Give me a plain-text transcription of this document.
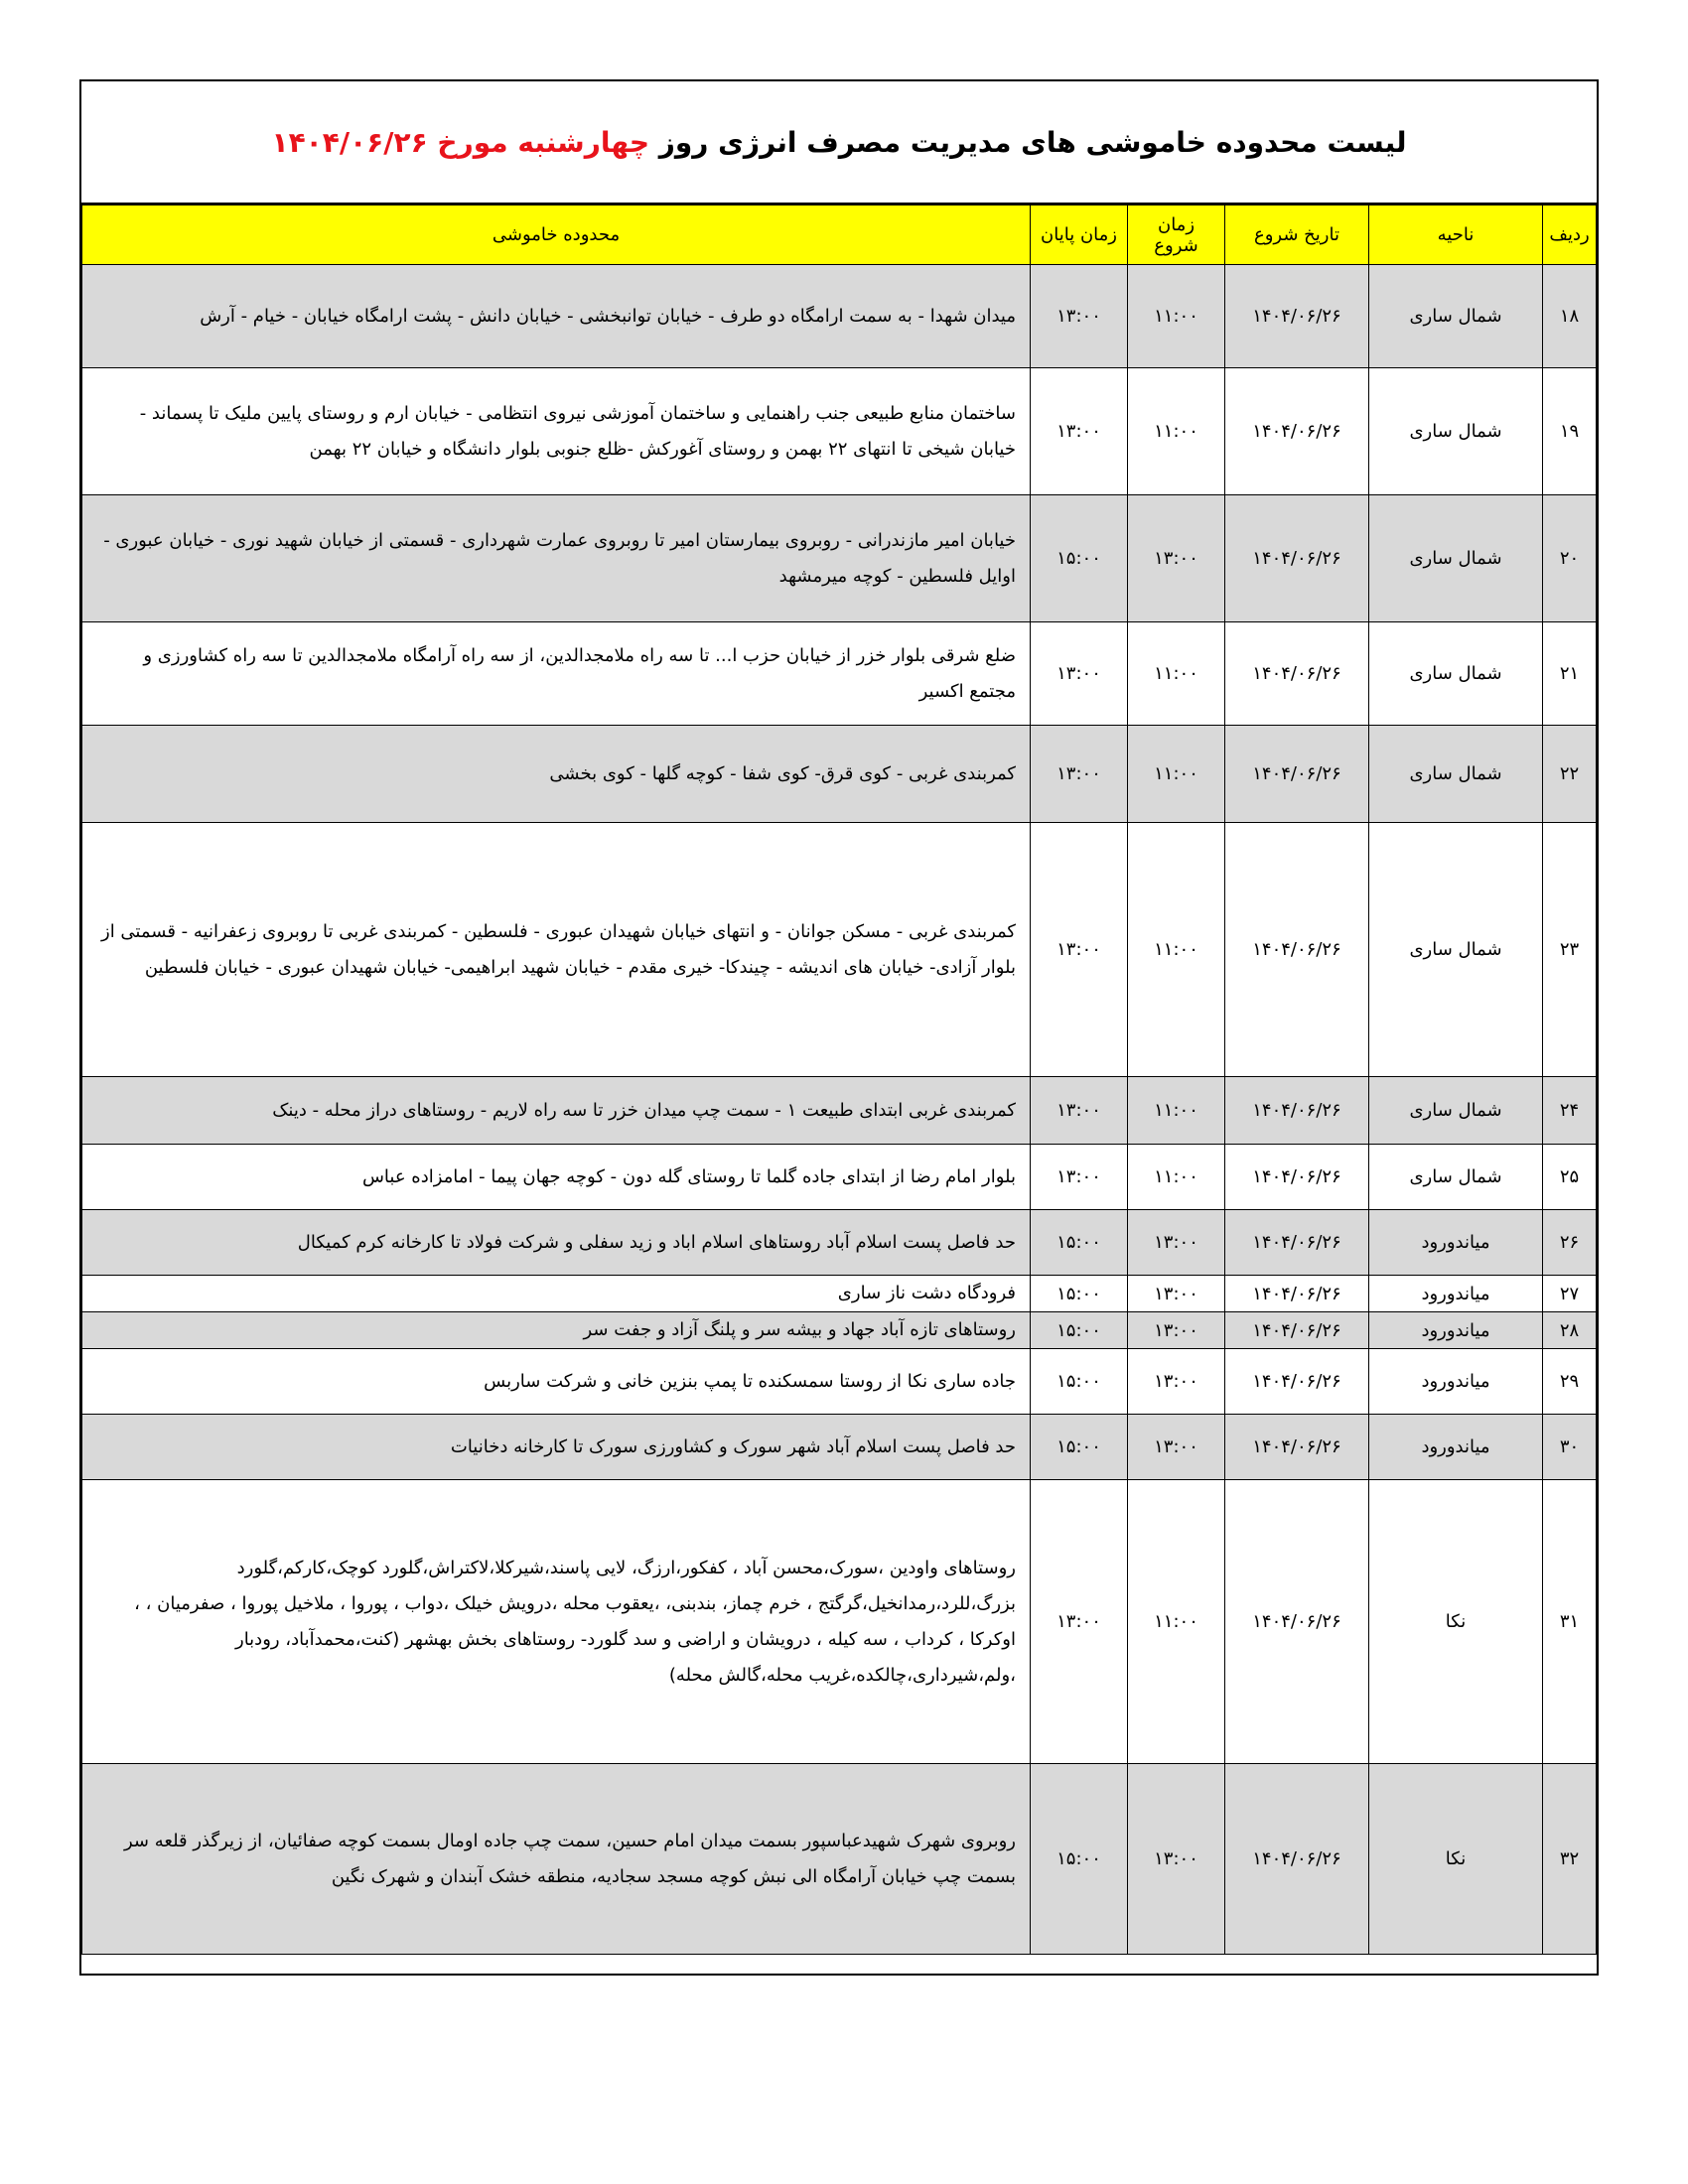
لیست محدوده خاموشی های مدیریت مصرف انرژی روز

چهارشنبه مورخ ۱۴۰۴/۰۶/۲۶
ردیف	ناحیه	تاریخ شروع	زمان شروع	زمان پایان	محدوده خاموشی
۱۸	شمال ساری	۱۴۰۴/۰۶/۲۶	۱۱:۰۰	۱۳:۰۰	میدان شهدا - به سمت ارامگاه دو طرف - خیابان توانبخشی - خیابان دانش - پشت ارامگاه خیابان - خیام - آرش
۱۹	شمال ساری	۱۴۰۴/۰۶/۲۶	۱۱:۰۰	۱۳:۰۰	ساختمان منابع طبیعی جنب راهنمایی و ساختمان آموزشی نیروی انتظامی - خیابان ارم و روستای پایین ملیک تا پسماند - خیابان شیخی تا انتهای ۲۲ بهمن و روستای آغورکش -ظلع جنوبی بلوار دانشگاه و خیابان ۲۲ بهمن
۲۰	شمال ساری	۱۴۰۴/۰۶/۲۶	۱۳:۰۰	۱۵:۰۰	خیابان امیر مازندرانی - روبروی بیمارستان امیر تا روبروی عمارت شهرداری - قسمتی از خیابان شهید نوری - خیابان عبوری - اوایل فلسطین - کوچه میرمشهد
۲۱	شمال ساری	۱۴۰۴/۰۶/۲۶	۱۱:۰۰	۱۳:۰۰	ضلع شرقی بلوار خزر از خیابان حزب ا... تا سه راه ملامجدالدین، از سه راه آرامگاه ملامجدالدین تا سه راه کشاورزی و مجتمع اکسیر
۲۲	شمال ساری	۱۴۰۴/۰۶/۲۶	۱۱:۰۰	۱۳:۰۰	کمربندی غربی - کوی قرق- کوی شفا - کوچه گلها - کوی بخشی
۲۳	شمال ساری	۱۴۰۴/۰۶/۲۶	۱۱:۰۰	۱۳:۰۰	کمربندی غربی - مسکن جوانان - و انتهای خیابان شهیدان عبوری - فلسطین - کمربندی غربی تا روبروی زعفرانیه - قسمتی از بلوار آزادی- خیابان های اندیشه - چیندکا- خیری مقدم - خیابان شهید ابراهیمی- خیابان شهیدان عبوری - خیابان فلسطین
۲۴	شمال ساری	۱۴۰۴/۰۶/۲۶	۱۱:۰۰	۱۳:۰۰	کمربندی غربی ابتدای طبیعت ۱ - سمت چپ میدان خزر تا سه راه لاریم - روستاهای دراز محله - دینک
۲۵	شمال ساری	۱۴۰۴/۰۶/۲۶	۱۱:۰۰	۱۳:۰۰	بلوار امام رضا از ابتدای جاده گلما تا روستای گله دون - کوچه جهان پیما - امامزاده عباس
۲۶	میاندورود	۱۴۰۴/۰۶/۲۶	۱۳:۰۰	۱۵:۰۰	حد فاصل پست اسلام آباد روستاهای اسلام اباد و زید سفلی و شرکت فولاد تا کارخانه کرم کمیکال
۲۷	میاندورود	۱۴۰۴/۰۶/۲۶	۱۳:۰۰	۱۵:۰۰	فرودگاه دشت ناز ساری
۲۸	میاندورود	۱۴۰۴/۰۶/۲۶	۱۳:۰۰	۱۵:۰۰	روستاهای تازه آباد جهاد و بیشه سر و پلنگ آزاد و جفت سر
۲۹	میاندورود	۱۴۰۴/۰۶/۲۶	۱۳:۰۰	۱۵:۰۰	جاده ساری نکا از روستا سمسکنده تا پمپ بنزین خانی و شرکت ساربس
۳۰	میاندورود	۱۴۰۴/۰۶/۲۶	۱۳:۰۰	۱۵:۰۰	حد فاصل پست اسلام آباد شهر سورک و کشاورزی سورک تا کارخانه دخانیات
۳۱	نکا	۱۴۰۴/۰۶/۲۶	۱۱:۰۰	۱۳:۰۰	روستاهای واودین ،سورک،محسن آباد ، کفکور،ارزگ، لایی پاسند،شیرکلا،لاکتراش،گلورد کوچک،کارکم،گلورد بزرگ،للرد،رمدانخیل،گرگتج ، خرم چماز، بندبنی، ،یعقوب محله ،درویش خیلک ،دواب ، پوروا ، ملاخیل پوروا ، صفرمیان ، ، اوکرکا ، کرداب ، سه کیله ، درویشان و اراضی و سد گلورد- روستاهای بخش بهشهر (کنت،محمدآباد، رودبار ،ولم،شیرداری،چالکده،غریب محله،گالش محله)
۳۲	نکا	۱۴۰۴/۰۶/۲۶	۱۳:۰۰	۱۵:۰۰	روبروی شهرک شهیدعباسپور بسمت میدان امام حسین، سمت چپ جاده اومال بسمت کوچه صفائیان، از زیرگذر قلعه سر بسمت چپ خیابان آرامگاه الی نبش کوچه مسجد سجادیه، منطقه خشک آبندان و شهرک نگین
